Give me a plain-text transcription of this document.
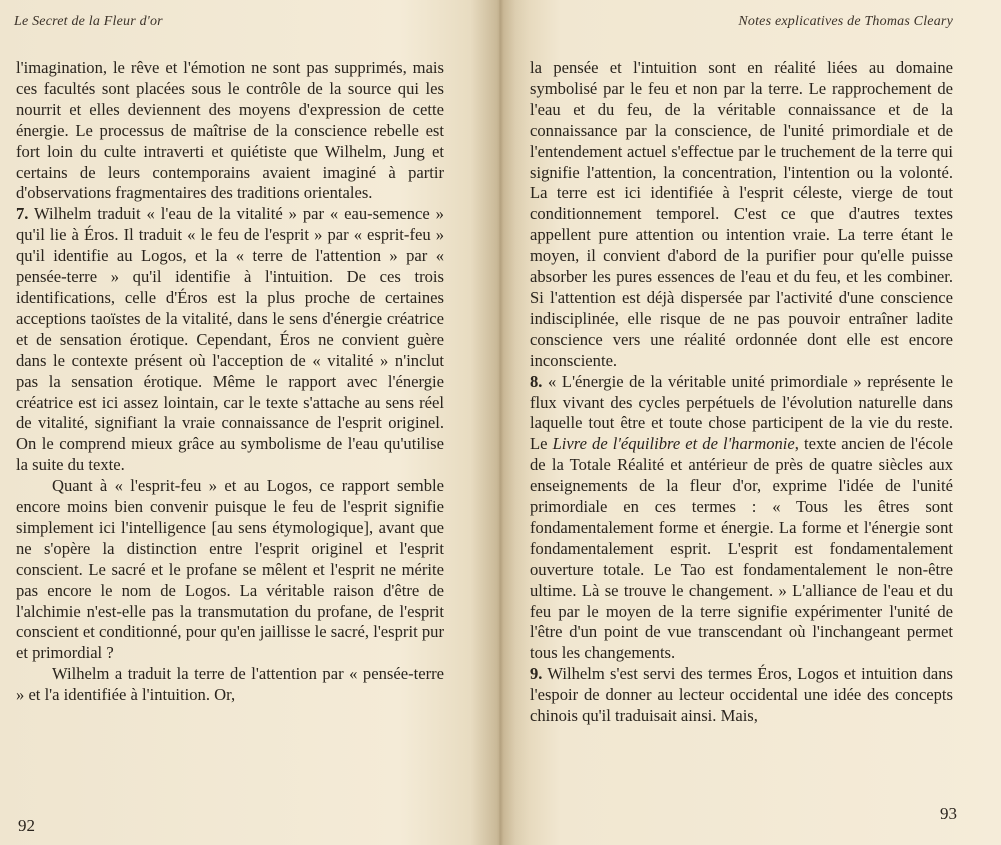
Le Secret de la Fleur d'or

l'imagination, le rêve et l'émotion ne sont pas supprimés, mais ces facultés sont placées sous le contrôle de la source qui les nourrit et elles deviennent des moyens d'expression de cette énergie. Le processus de maîtrise de la conscience rebelle est fort loin du culte intraverti et quiétiste que Wilhelm, Jung et certains de leurs contemporains avaient imaginé à partir d'observations fragmentaires des traditions orientales.

7. Wilhelm traduit « l'eau de la vitalité » par « eau-semence » qu'il lie à Éros. Il traduit « le feu de l'esprit » par « esprit-feu » qu'il identifie au Logos, et la « terre de l'attention » par « pensée-terre » qu'il identifie à l'intuition. De ces trois identifications, celle d'Éros est la plus proche de certaines acceptions taoïstes de la vitalité, dans le sens d'énergie créatrice et de sensation érotique. Cependant, Éros ne convient guère dans le contexte présent où l'acception de « vitalité » n'inclut pas la sensation érotique. Même le rapport avec l'énergie créatrice est ici assez lointain, car le texte s'attache au sens réel de vitalité, signifiant la vraie connaissance de l'esprit originel. On le comprend mieux grâce au symbolisme de l'eau qu'utilise la suite du texte.

Quant à « l'esprit-feu » et au Logos, ce rapport semble encore moins bien convenir puisque le feu de l'esprit signifie simplement ici l'intelligence [au sens étymologique], avant que ne s'opère la distinction entre l'esprit originel et l'esprit conscient. Le sacré et le profane se mêlent et l'esprit ne mérite pas encore le nom de Logos. La véritable raison d'être de l'alchimie n'est-elle pas la transmutation du profane, de l'esprit conscient et conditionné, pour qu'en jaillisse le sacré, l'esprit pur et primordial ?

Wilhelm a traduit la terre de l'attention par « pensée-terre » et l'a identifiée à l'intuition. Or,

92
Notes explicatives de Thomas Cleary

la pensée et l'intuition sont en réalité liées au domaine symbolisé par le feu et non par la terre. Le rapprochement de l'eau et du feu, de la véritable connaissance et de la connaissance par la conscience, de l'unité primordiale et de l'entendement actuel s'effectue par le truchement de la terre qui signifie l'attention, la concentration, l'intention ou la volonté. La terre est ici identifiée à l'esprit céleste, vierge de tout conditionnement temporel. C'est ce que d'autres textes appellent pure attention ou intention vraie. La terre étant le moyen, il convient d'abord de la purifier pour qu'elle puisse absorber les pures essences de l'eau et du feu, et les combiner. Si l'attention est déjà dispersée par l'activité d'une conscience indisciplinée, elle risque de ne pas pouvoir entraîner ladite conscience vers une réalité ordonnée dont elle est encore inconsciente.

8. « L'énergie de la véritable unité primordiale » représente le flux vivant des cycles perpétuels de l'évolution naturelle dans laquelle tout être et toute chose participent de la vie du reste. Le Livre de l'équilibre et de l'harmonie, texte ancien de l'école de la Totale Réalité et antérieur de près de quatre siècles aux enseignements de la fleur d'or, exprime l'idée de l'unité primordiale en ces termes : « Tous les êtres sont fondamentalement forme et énergie. La forme et l'énergie sont fondamentalement esprit. L'esprit est fondamentalement ouverture totale. Le Tao est fondamentalement le non-être ultime. Là se trouve le changement. » L'alliance de l'eau et du feu par le moyen de la terre signifie expérimenter l'unité de l'être d'un point de vue transcendant où l'inchangeant permet tous les changements.

9. Wilhelm s'est servi des termes Éros, Logos et intuition dans l'espoir de donner au lecteur occidental une idée des concepts chinois qu'il traduisait ainsi. Mais,

93
